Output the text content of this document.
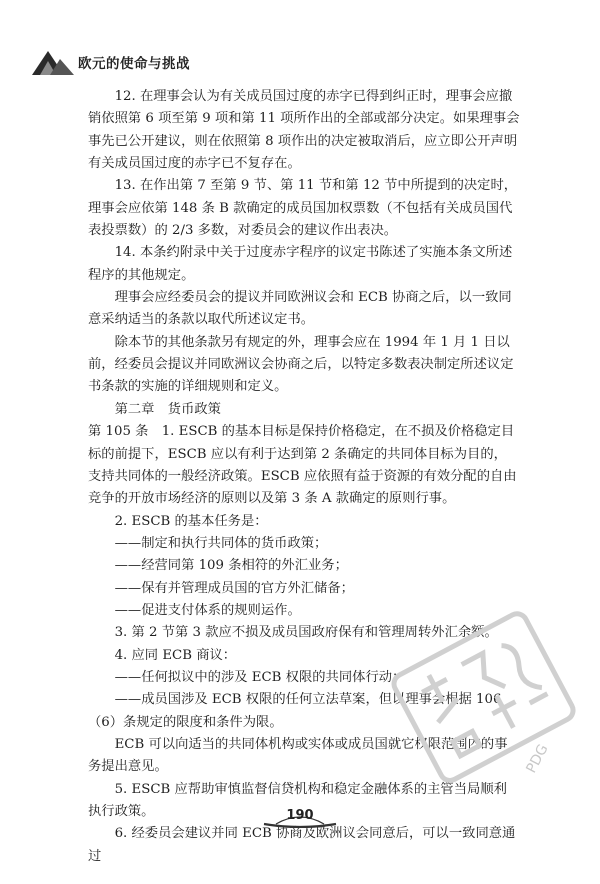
欧元的使命与挑战

12. 在理事会认为有关成员国过度的赤字已得到纠正时，理事会应撤销依照第 6 项至第 9 项和第 11 项所作出的全部或部分决定。如果理事会事先已公开建议，则在依照第 8 项作出的决定被取消后，应立即公开声明有关成员国过度的赤字已不复存在。

13. 在作出第 7 至第 9 节、第 11 节和第 12 节中所提到的决定时，理事会应依第 148 条 B 款确定的成员国加权票数（不包括有关成员国代表投票数）的 2/3 多数，对委员会的建议作出表决。

14. 本条约附录中关于过度赤字程序的议定书陈述了实施本条文所述程序的其他规定。

理事会应经委员会的提议并同欧洲议会和 ECB 协商之后，以一致同意采纳适当的条款以取代所述议定书。

除本节的其他条款另有规定的外，理事会应在 1994 年 1 月 1 日以前，经委员会提议并同欧洲议会协商之后，以特定多数表决制定所述议定书条款的实施的详细规则和定义。

第二章　货币政策

第 105 条　1. ESCB 的基本目标是保持价格稳定，在不损及价格稳定目标的前提下，ESCB 应以有利于达到第 2 条确定的共同体目标为目的，支持共同体的一般经济政策。ESCB 应依照有益于资源的有效分配的自由竞争的开放市场经济的原则以及第 3 条 A 款确定的原则行事。

2. ESCB 的基本任务是：

——制定和执行共同体的货币政策；

——经营同第 109 条相符的外汇业务；

——保有并管理成员国的官方外汇储备；

——促进支付体系的规则运作。

3. 第 2 节第 3 款应不损及成员国政府保有和管理周转外汇余额。

4. 应同 ECB 商议：

——任何拟议中的涉及 ECB 权限的共同体行动；

——成员国涉及 ECB 权限的任何立法草案，但以理事会根据 106（6）条规定的限度和条件为限。

ECB 可以向适当的共同体机构或实体或成员国就它权限范围内的事务提出意见。

5. ESCB 应帮助审慎监督信贷机构和稳定金融体系的主管当局顺利执行政策。

6. 经委员会建议并同 ECB 协商及欧洲议会同意后，可以一致同意通过

PDG
190
